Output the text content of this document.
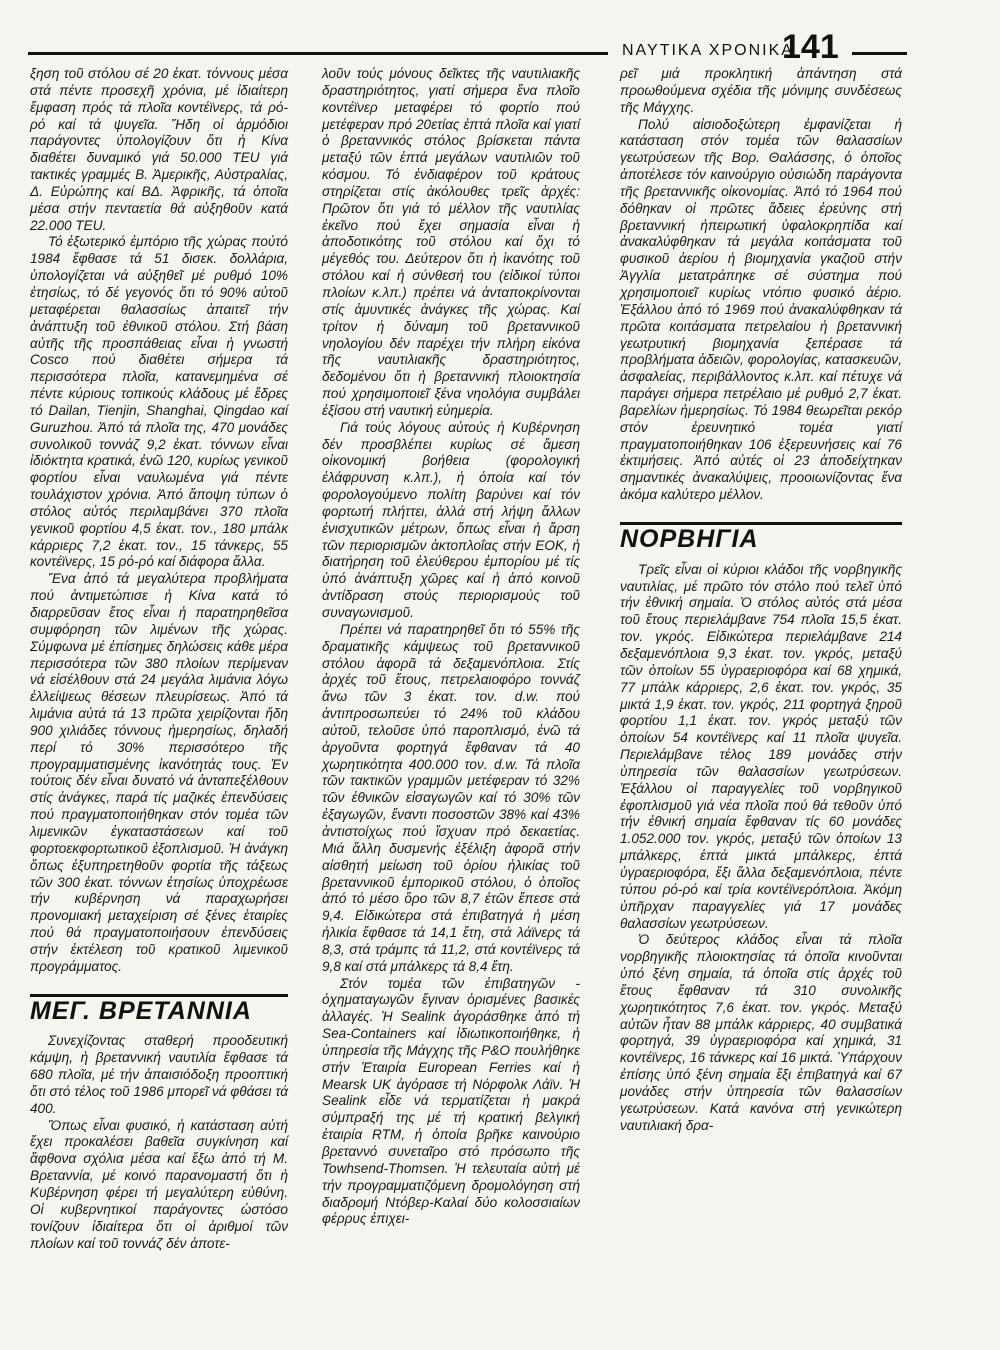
ΝΑΥΤΙΚΑ ΧΡΟΝΙΚΑ
141

ξηση τοῦ στόλου σέ 20 ἑκατ. τόννους μέσα στά πέντε προσεχῆ χρόνια, μέ ἰδιαίτερη ἔμφαση πρός τά πλοῖα κοντέϊνερς, τά ρό-ρό καί τά ψυγεῖα. Ἤδη οἱ ἁρμόδιοι παράγοντες ὑπολογίζουν ὅτι ἡ Κίνα διαθέτει δυναμικό γιά 50.000 TEU γιά τακτικές γραμμές Β. Ἀμερικῆς, Αὐστραλίας, Δ. Εὐρώπης καί ΒΔ. Ἀφρικῆς, τά ὁποῖα μέσα στήν πενταετία θά αὐξηθοῦν κατά 22.000 TEU.

Τό ἐξωτερικό ἐμπόριο τῆς χώρας πούτό 1984 ἔφθασε τά 51 δισεκ. δολλάρια, ὑπολογίζεται νά αὐξηθεῖ μέ ρυθμό 10% ἐτησίως, τό δέ γεγονός ὅτι τό 90% αὐτοῦ μεταφέρεται θαλασσίως ἀπαιτεῖ τήν ἀνάπτυξη τοῦ ἐθνικοῦ στόλου. Στή βάση αὐτῆς τῆς προσπάθειας εἶναι ἡ γνωστή Cosco πού διαθέτει σήμερα τά περισσότερα πλοῖα, κατανεμημένα σέ πέντε κύριους τοπικούς κλάδους μέ ἕδρες τό Dailan, Tienjin, Shanghai, Qingdao καί Guruzhou. Ἀπό τά πλοῖα της, 470 μονάδες συνολικοῦ τοννάζ 9,2 ἑκατ. τόννων εἶναι ἰδιόκτητα κρατικά, ἐνῶ 120, κυρίως γενικοῦ φορτίου εἶναι ναυλωμένα γιά πέντε τουλάχιστον χρόνια. Ἀπό ἄποψη τύπων ὁ στόλος αὐτός περιλαμβάνει 370 πλοῖα γενικοῦ φορτίου 4,5 ἑκατ. τον., 180 μπάλκ κάρριερς 7,2 ἑκατ. τον., 15 τάνκερς, 55 κοντέϊνερς, 15 ρό-ρό καί διάφορα ἄλλα.

Ἕνα ἀπό τά μεγαλύτερα προβλήματα πού ἀντιμετώπισε ἡ Κίνα κατά τό διαρρεῦσαν ἔτος εἶναι ἡ παρατηρηθεῖσα συμφόρηση τῶν λιμένων τῆς χώρας. Σύμφωνα μέ ἐπίσημες δηλώσεις κάθε μέρα περισσότερα τῶν 380 πλοίων περίμεναν νά εἰσέλθουν στά 24 μεγάλα λιμάνια λόγω ἐλλείψεως θέσεων πλευρίσεως. Ἀπό τά λιμάνια αὐτά τά 13 πρῶτα χειρίζονται ἤδη 900 χιλιάδες τόννους ἡμερησίως, δηλαδή περί τό 30% περισσότερο τῆς προγραμματισμένης ἱκανότητάς τους. Ἐν τούτοις δέν εἶναι δυνατό νά ἀνταπεξέλθουν στίς ἀνάγκες, παρά τίς μαζικές ἐπενδύσεις πού πραγματοποιήθηκαν στόν τομέα τῶν λιμενικῶν ἐγκαταστάσεων καί τοῦ φορτοεκφορτωτικοῦ ἐξοπλισμοῦ. Ἡ ἀνάγκη ὅπως ἐξυπηρετηθοῦν φορτία τῆς τάξεως τῶν 300 ἑκατ. τόννων ἐτησίως ὑποχρέωσε τήν κυβέρνηση νά παραχωρήσει προνομιακή μεταχείριση σέ ξένες ἑταιρίες πού θά πραγματοποιήσουν ἐπενδύσεις στήν ἐκτέλεση τοῦ κρατικοῦ λιμενικοῦ προγράμματος.

ΜΕΓ. ΒΡΕΤΑΝΝΙΑ

Συνεχίζοντας σταθερή προοδευτική κάμψη, ἡ βρεταννική ναυτιλία ἔφθασε τά 680 πλοῖα, μέ τήν ἀπαισιόδοξη προοπτική ὅτι στό τέλος τοῦ 1986 μπορεῖ νά φθάσει τά 400.

Ὅπως εἶναι φυσικό, ἡ κατάσταση αὐτή ἔχει προκαλέσει βαθεῖα συγκίνηση καί ἄφθονα σχόλια μέσα καί ἔξω ἀπό τή Μ. Βρεταννία, μέ κοινό παρανομαστή ὅτι ἡ Κυβέρνηση φέρει τή μεγαλύτερη εὐθύνη. Οἱ κυβερνητικοί παράγοντες ὡστόσο τονίζουν ἰδιαίτερα ὅτι οἱ ἀριθμοί τῶν πλοίων καί τοῦ τοννάζ δέν ἀποτε-

λοῦν τούς μόνους δεῖκτες τῆς ναυτιλιακῆς δραστηριότητος, γιατί σήμερα ἕνα πλοῖο κοντέϊνερ μεταφέρει τό φορτίο πού μετέφεραν πρό 20ετίας ἑπτά πλοῖα καί γιατί ὁ βρεταννικός στόλος βρίσκεται πάντα μεταξύ τῶν ἑπτά μεγάλων ναυτιλιῶν τοῦ κόσμου. Τό ἐνδιαφέρον τοῦ κράτους στηρίζεται στίς ἀκόλουθες τρεῖς ἀρχές: Πρῶτον ὅτι γιά τό μέλλον τῆς ναυτιλίας ἐκεῖνο πού ἔχει σημασία εἶναι ἡ ἀποδοτικότης τοῦ στόλου καί ὄχι τό μέγεθός του. Δεύτερον ὅτι ἡ ἱκανότης τοῦ στόλου καί ἡ σύνθεσή του (εἰδικοί τύποι πλοίων κ.λπ.) πρέπει νά ἀνταποκρίνονται στίς ἀμυντικές ἀνάγκες τῆς χώρας. Καί τρίτον ἡ δύναμη τοῦ βρεταννικοῦ νηολογίου δέν παρέχει τήν πλήρη εἰκόνα τῆς ναυτιλιακῆς δραστηριότητος, δεδομένου ὅτι ἡ βρεταννική πλοιοκτησία πού χρησιμοποιεῖ ξένα νηολόγια συμβάλει ἐξίσου στή ναυτική εὐημερία.

Γιά τούς λόγους αὐτούς ἡ Κυβέρνηση δέν προσβλέπει κυρίως σέ ἄμεση οἰκονομική βοήθεια (φορολογική ἐλάφρυνση κ.λπ.), ἡ ὁποία καί τόν φορολογούμενο πολίτη βαρύνει καί τόν φορτωτή πλήττει, ἀλλά στή λήψη ἄλλων ἐνισχυτικῶν μέτρων, ὅπως εἶναι ἡ ἄρση τῶν περιορισμῶν ἀκτοπλοΐας στήν ΕΟΚ, ἡ διατήρηση τοῦ ἐλεύθερου ἐμπορίου μέ τίς ὑπό ἀνάπτυξη χῶρες καί ἡ ἀπό κοινοῦ ἀντίδραση στούς περιορισμούς τοῦ συναγωνισμοῦ.

Πρέπει νά παρατηρηθεῖ ὅτι τό 55% τῆς δραματικῆς κάμψεως τοῦ βρεταννικοῦ στόλου ἀφορᾶ τά δεξαμενόπλοια. Στίς ἀρχές τοῦ ἔτους, πετρελαιοφόρο τοννάζ ἄνω τῶν 3 ἑκατ. τον. d.w. πού ἀντιπροσωπεύει τό 24% τοῦ κλάδου αὐτοῦ, τελοῦσε ὑπό παροπλισμό, ἐνῶ τά ἀργοῦντα φορτηγά ἔφθαναν τά 40 χωρητικότητα 400.000 τον. d.w. Τά πλοῖα τῶν τακτικῶν γραμμῶν μετέφεραν τό 32% τῶν ἐθνικῶν εἰσαγωγῶν καί τό 30% τῶν ἐξαγωγῶν, ἔναντι ποσοστῶν 38% καί 43% ἀντιστοίχως πού ἴσχυαν πρό δεκαετίας. Μιά ἄλλη δυσμενής ἐξέλιξη ἀφορᾶ στήν αἰσθητή μείωση τοῦ ὁρίου ἡλικίας τοῦ βρεταννικοῦ ἐμπορικοῦ στόλου, ὁ ὁποῖος ἀπό τό μέσο ὅρο τῶν 8,7 ἐτῶν ἔπεσε στά 9,4. Εἰδικώτερα στά ἐπιβατηγά ἡ μέση ἡλικία ἔφθασε τά 14,1 ἔτη, στά λάϊνερς τά 8,3, στά τράμπς τά 11,2, στά κοντέϊνερς τά 9,8 καί στά μπάλκερς τά 8,4 ἔτη.

Στόν τομέα τῶν ἐπιβατηγῶν - ὀχηματαγωγῶν ἔγιναν ὁρισμένες βασικές ἀλλαγές. Ἡ Sealink ἀγοράσθηκε ἀπό τή Sea-Containers καί ἰδιωτικοποιήθηκε, ἡ ὑπηρεσία τῆς Μάγχης τῆς P&O πουλήθηκε στήν Ἑταιρία European Ferries καί ἡ Mearsk UK ἀγόρασε τή Νόρφολκ Λάϊν. Ἡ Sealink εἶδε νά τερματίζεται ἡ μακρά σύμπραξή της μέ τή κρατική βελγική ἑταιρία RTM, ἡ ὁποία βρῆκε καινούριο βρεταννό συνεταῖρο στό πρόσωπο τῆς Towhsend-Thomsen. Ἡ τελευταία αὐτή μέ τήν προγραμματιζόμενη δρομολόγηση στή διαδρομή Ντόβερ-Καλαί δύο κολοσσιαίων φέρρυς ἐπιχει-

ρεῖ μιά προκλητική ἀπάντηση στά προωθούμενα σχέδια τῆς μόνιμης συνδέσεως τῆς Μάγχης.

Πολύ αἰσιοδοξώτερη ἐμφανίζεται ἡ κατάσταση στόν τομέα τῶν θαλασσίων γεωτρύσεων τῆς Βορ. Θαλάσσης, ὁ ὁποῖος ἀποτέλεσε τόν καινούργιο οὐσιώδη παράγοντα τῆς βρεταννικῆς οἰκονομίας. Ἀπό τό 1964 πού δόθηκαν οἱ πρῶτες ἄδειες ἐρεύνης στή βρεταννική ἠπειρωτική ὑφαλοκρηπίδα καί ἀνακαλύφθηκαν τά μεγάλα κοιτάσματα τοῦ φυσικοῦ ἀερίου ἡ βιομηχανία γκαζιοῦ στήν Ἀγγλία μετατράπηκε σέ σύστημα πού χρησιμοποιεῖ κυρίως ντόπιο φυσικό ἀέριο. Ἐξάλλου ἀπό τό 1969 πού ἀνακαλύφθηκαν τά πρῶτα κοιτάσματα πετρελαίου ἡ βρεταννική γεωτρυτική βιομηχανία ξεπέρασε τά προβλήματα ἀδειῶν, φορολογίας, κατασκευῶν, ἀσφαλείας, περιβάλλοντος κ.λπ. καί πέτυχε νά παράγει σήμερα πετρέλαιο μέ ρυθμό 2,7 ἑκατ. βαρελίων ἡμερησίως. Τό 1984 θεωρεῖται ρεκόρ στόν ἐρευνητικό τομέα γιατί πραγματοποιήθηκαν 106 ἐξερευνήσεις καί 76 ἐκτιμήσεις. Ἀπό αὐτές οἱ 23 ἀποδείχτηκαν σημαντικές ἀνακαλύψεις, προοιωνίζοντας ἕνα ἀκόμα καλύτερο μέλλον.

ΝΟΡΒΗΓΙΑ

Τρεῖς εἶναι οἱ κύριοι κλάδοι τῆς νορβηγικῆς ναυτιλίας, μέ πρῶτο τόν στόλο πού τελεῖ ὑπό τήν ἐθνική σημαία. Ὁ στόλος αὐτός στά μέσα τοῦ ἔτους περιελάμβανε 754 πλοῖα 15,5 ἑκατ. τον. γκρός. Εἰδικώτερα περιελάμβανε 214 δεξαμενόπλοια 9,3 ἑκατ. τον. γκρός, μεταξύ τῶν ὁποίων 55 ὑγραεριοφόρα καί 68 χημικά, 77 μπάλκ κάρριερς, 2,6 ἑκατ. τον. γκρός, 35 μικτά 1,9 ἑκατ. τον. γκρός, 211 φορτηγά ξηροῦ φορτίου 1,1 ἑκατ. τον. γκρός μεταξύ τῶν ὁποίων 54 κοντέϊνερς καί 11 πλοῖα ψυγεῖα. Περιελάμβανε τέλος 189 μονάδες στήν ὑπηρεσία τῶν θαλασσίων γεωτρύσεων. Ἐξάλλου οἱ παραγγελίες τοῦ νορβηγικοῦ ἐφοπλισμοῦ γιά νέα πλοῖα πού θά τεθοῦν ὑπό τήν ἐθνική σημαία ἔφθαναν τίς 60 μονάδες 1.052.000 τον. γκρός, μεταξύ τῶν ὁποίων 13 μπάλκερς, ἑπτά μικτά μπάλκερς, ἑπτά ὑγραεριοφόρα, ἕξι ἄλλα δεξαμενόπλοια, πέντε τύπου ρό-ρό καί τρία κοντέϊνερόπλοια. Ἀκόμη ὑπῆρχαν παραγγελίες γιά 17 μονάδες θαλασσίων γεωτρύσεων.

Ὁ δεύτερος κλάδος εἶναι τά πλοῖα νορβηγικῆς πλοιοκτησίας τά ὁποῖα κινοῦνται ὑπό ξένη σημαία, τά ὁποῖα στίς ἀρχές τοῦ ἔτους ἔφθαναν τά 310 συνολικῆς χωρητικότητος 7,6 ἑκατ. τον. γκρός. Μεταξύ αὐτῶν ἦταν 88 μπάλκ κάρριερς, 40 συμβατικά φορτηγά, 39 ὑγραεριοφόρα καί χημικά, 31 κοντέϊνερς, 16 τάνκερς καί 16 μικτά. Ὑπάρχουν ἐπίσης ὑπό ξένη σημαία ἕξι ἐπιβατηγά καί 67 μονάδες στήν ὑπηρεσία τῶν θαλασσίων γεωτρύσεων. Κατά κανόνα στή γενικώτερη ναυτιλιακή δρα-
